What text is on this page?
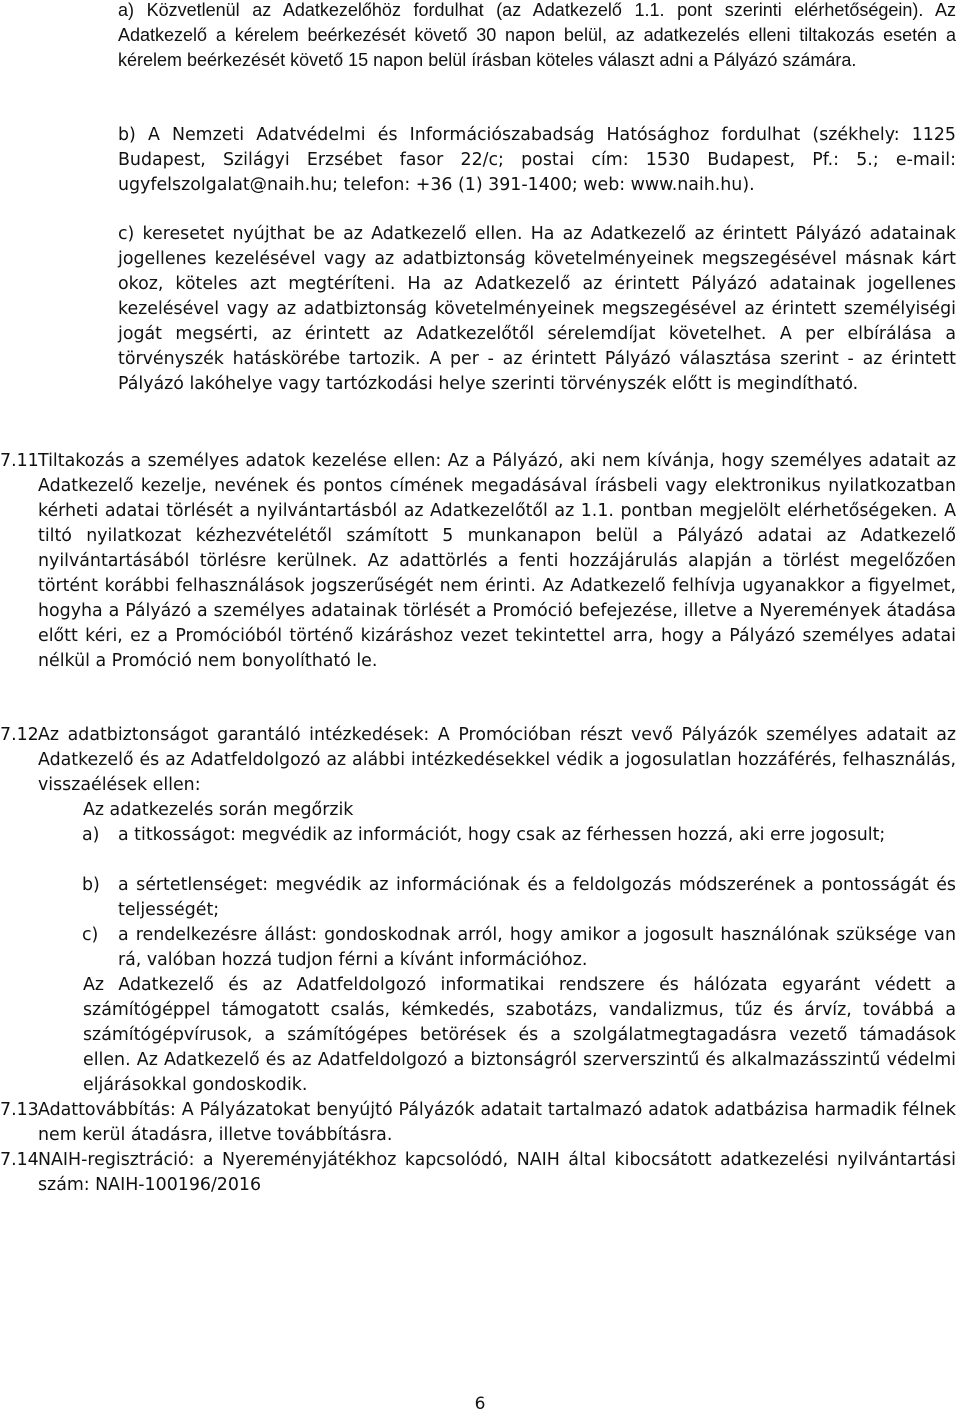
a) Közvetlenül az Adatkezelőhöz fordulhat (az Adatkezelő 1.1. pont szerinti elérhetőségein). Az Adatkezelő a kérelem beérkezését követő 30 napon belül, az adatkezelés elleni tiltakozás esetén a kérelem beérkezését követő 15 napon belül írásban köteles választ adni a Pályázó számára.

b) A Nemzeti Adatvédelmi és Információszabadság Hatósághoz fordulhat (székhely: 1125 Budapest, Szilágyi Erzsébet fasor 22/c; postai cím: 1530 Budapest, Pf.: 5.; e-mail: ugyfelszolgalat@naih.hu; telefon: +36 (1) 391-1400; web: www.naih.hu).

c) keresetet nyújthat be az Adatkezelő ellen. Ha az Adatkezelő az érintett Pályázó adatainak jogellenes kezelésével vagy az adatbiztonság követelményeinek megszegésével másnak kárt okoz, köteles azt megtéríteni. Ha az Adatkezelő az érintett Pályázó adatainak jogellenes kezelésével vagy az adatbiztonság követelményeinek megszegésével az érintett személyiségi jogát megsérti, az érintett az Adatkezelőtől sérelemdíjat követelhet. A per elbírálása a törvényszék hatáskörébe tartozik. A per - az érintett Pályázó választása szerint - az érintett Pályázó lakóhelye vagy tartózkodási helye szerinti törvényszék előtt is megindítható.

7.11Tiltakozás a személyes adatok kezelése ellen: Az a Pályázó, aki nem kívánja, hogy személyes adatait az Adatkezelő kezelje, nevének és pontos címének megadásával írásbeli vagy elektronikus nyilatkozatban kérheti adatai törlését a nyilvántartásból az Adatkezelőtől az 1.1. pontban megjelölt elérhetőségeken. A tiltó nyilatkozat kézhezvételétől számított 5 munkanapon belül a Pályázó adatai az Adatkezelő nyilvántartásából törlésre kerülnek. Az adattörlés a fenti hozzájárulás alapján a törlést megelőzően történt korábbi felhasználások jogszerűségét nem érinti. Az Adatkezelő felhívja ugyanakkor a figyelmet, hogyha a Pályázó a személyes adatainak törlését a Promóció befejezése, illetve a Nyeremények átadása előtt kéri, ez a Promócióból történő kizáráshoz vezet tekintettel arra, hogy a Pályázó személyes adatai nélkül a Promóció nem bonyolítható le.

7.12Az adatbiztonságot garantáló intézkedések: A Promócióban részt vevő Pályázók személyes adatait az Adatkezelő és az Adatfeldolgozó az alábbi intézkedésekkel védik a jogosulatlan hozzáférés, felhasználás, visszaélések ellen:

Az adatkezelés során megőrzik

a) a titkosságot: megvédik az információt, hogy csak az férhessen hozzá, aki erre jogosult;
b) a sértetlenséget: megvédik az információnak és a feldolgozás módszerének a pontosságát és teljességét;
c) a rendelkezésre állást: gondoskodnak arról, hogy amikor a jogosult használónak szüksége van rá, valóban hozzá tudjon férni a kívánt információhoz.

Az Adatkezelő és az Adatfeldolgozó informatikai rendszere és hálózata egyaránt védett a számítógéppel támogatott csalás, kémkedés, szabotázs, vandalizmus, tűz és árvíz, továbbá a számítógépvírusok, a számítógépes betörések és a szolgálatmegtagadásra vezető támadások ellen. Az Adatkezelő és az Adatfeldolgozó a biztonságról szerverszintű és alkalmazásszintű védelmi eljárásokkal gondoskodik.

7.13Adattovábbítás: A Pályázatokat benyújtó Pályázók adatait tartalmazó adatok adatbázisa harmadik félnek nem kerül átadásra, illetve továbbításra.

7.14NAIH-regisztráció: a Nyereményjátékhoz kapcsolódó, NAIH által kibocsátott adatkezelési nyilvántartási szám: NAIH-100196/2016

6
